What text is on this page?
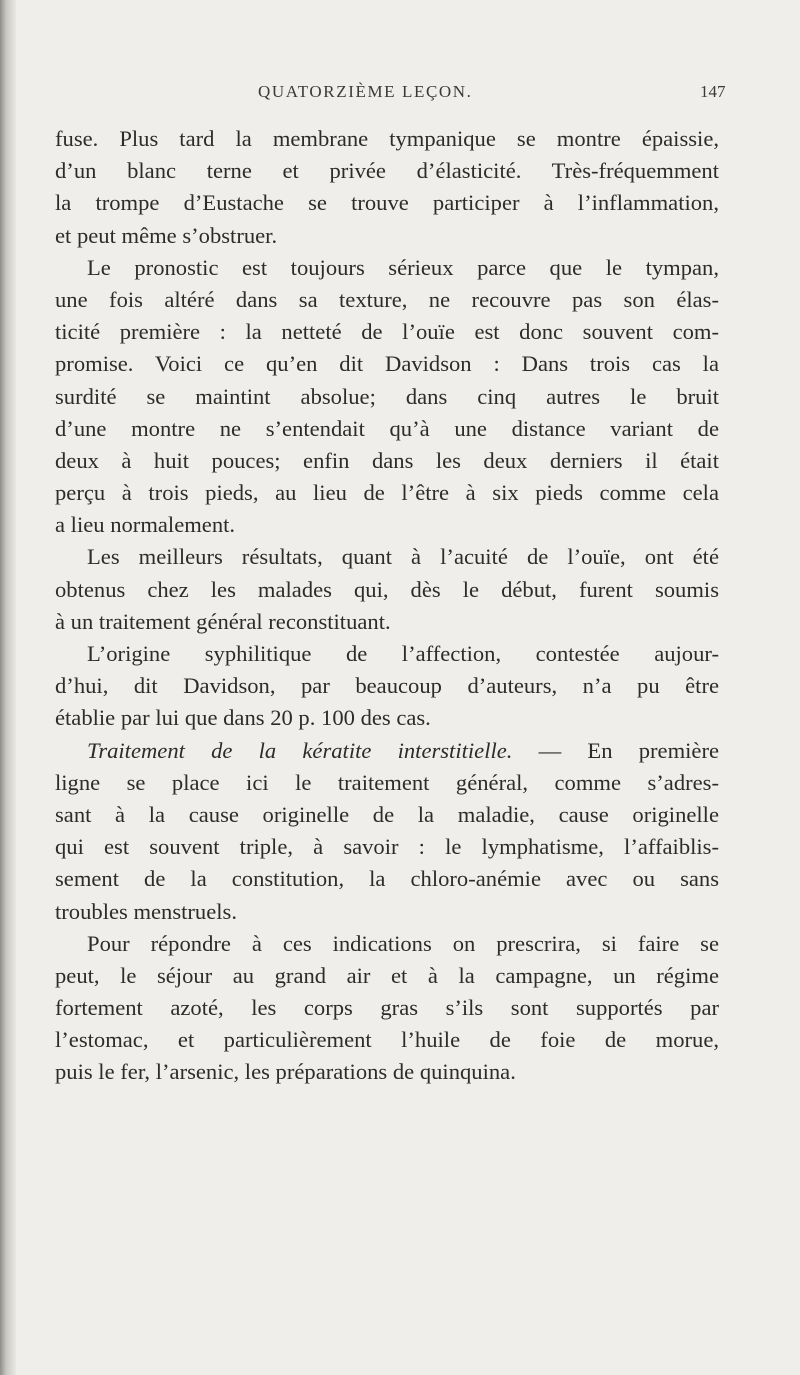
QUATORZIÈME LEÇON.	147
fuse. Plus tard la membrane tympanique se montre épaissie,
d’un blanc terne et privée d’élasticité. Très-fréquemment
la trompe d’Eustache se trouve participer à l’inflammation,
et peut même s’obstruer.
Le pronostic est toujours sérieux parce que le tympan,
une fois altéré dans sa texture, ne recouvre pas son élas-
ticité première : la netteté de l’ouïe est donc souvent com-
promise. Voici ce qu’en dit Davidson : Dans trois cas la
surdité se maintint absolue; dans cinq autres le bruit
d’une montre ne s’entendait qu’à une distance variant de
deux à huit pouces; enfin dans les deux derniers il était
perçu à trois pieds, au lieu de l’être à six pieds comme cela
a lieu normalement.
Les meilleurs résultats, quant à l’acuité de l’ouïe, ont été
obtenus chez les malades qui, dès le début, furent soumis
à un traitement général reconstituant.
L’origine syphilitique de l’affection, contestée aujour-
d’hui, dit Davidson, par beaucoup d’auteurs, n’a pu être
établie par lui que dans 20 p. 100 des cas.
Traitement de la kératite interstitielle. — En première
ligne se place ici le traitement général, comme s’adres-
sant à la cause originelle de la maladie, cause originelle
qui est souvent triple, à savoir : le lymphatisme, l’affaiblis-
sement de la constitution, la chloro-anémie avec ou sans
troubles menstruels.
Pour répondre à ces indications on prescrira, si faire se
peut, le séjour au grand air et à la campagne, un régime
fortement azoté, les corps gras s’ils sont supportés par
l’estomac, et particulièrement l’huile de foie de morue,
puis le fer, l’arsenic, les préparations de quinquina.
